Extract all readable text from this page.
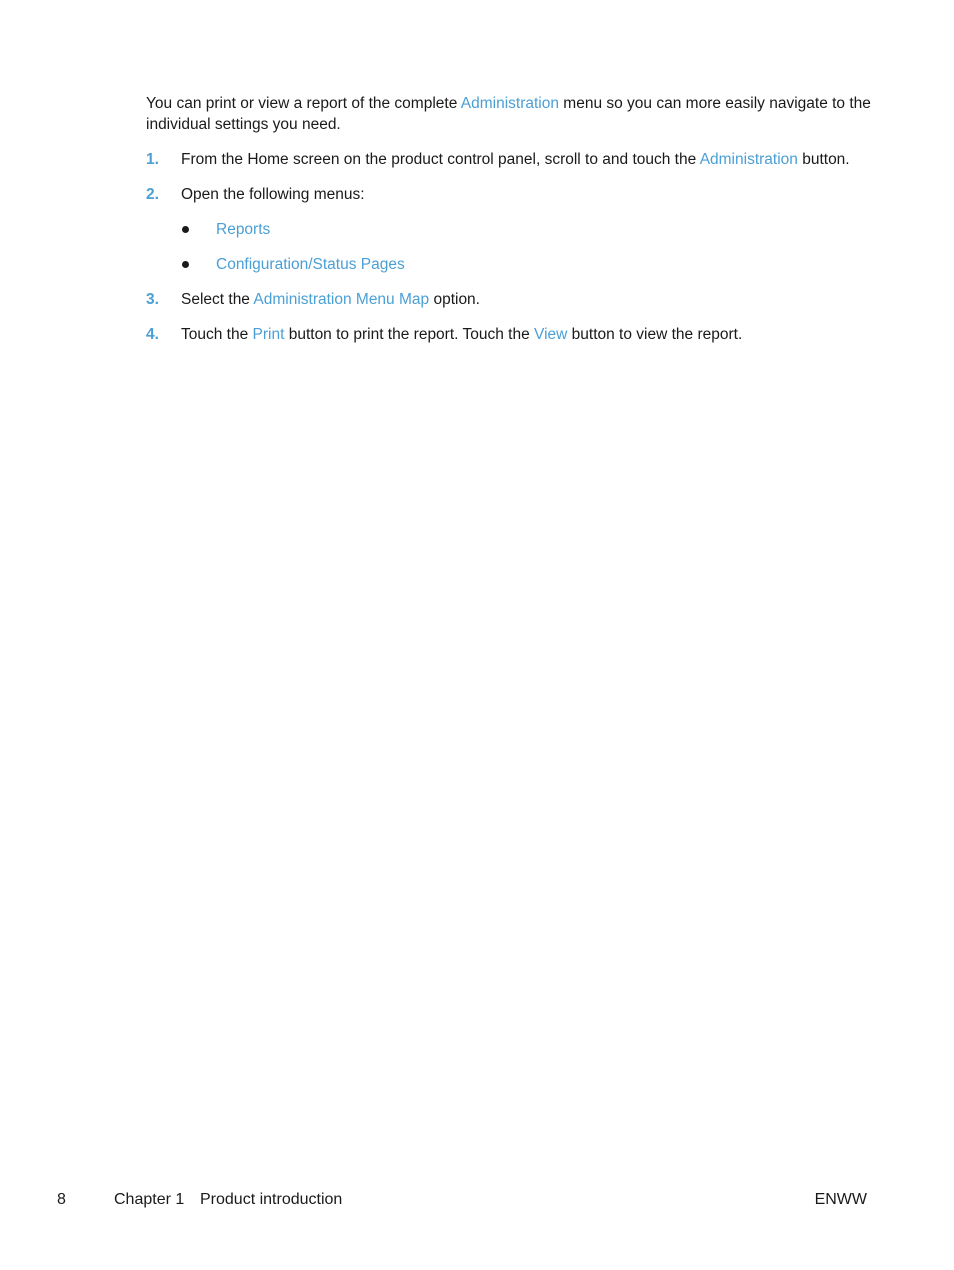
You can print or view a report of the complete Administration menu so you can more easily navigate to the individual settings you need.

1. From the Home screen on the product control panel, scroll to and touch the Administration button.
2. Open the following menus:
Reports
Configuration/Status Pages
3. Select the Administration Menu Map option.
4. Touch the Print button to print the report. Touch the View button to view the report.
8	Chapter 1 Product introduction	ENWW
